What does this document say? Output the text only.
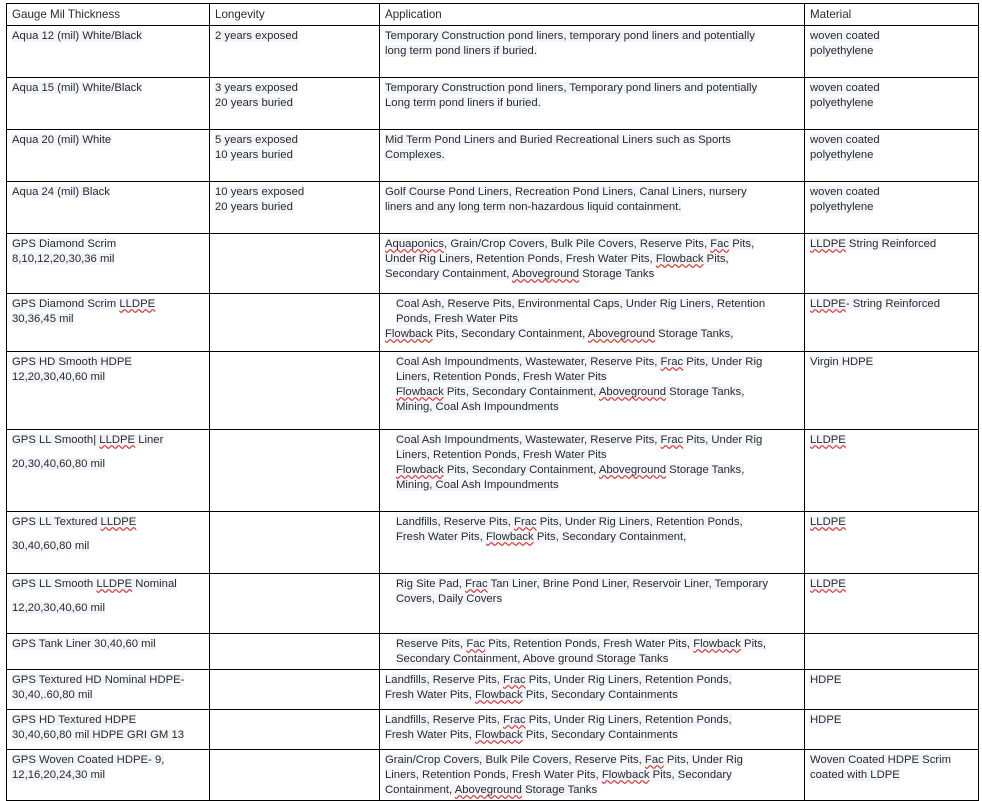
Gauge Mil Thickness	Longevity	Application	Material

Aqua 12 (mil) White/Black	2 years exposed	Temporary Construction pond liners, temporary pond liners and potentially
long term pond liners if buried.	woven coated
polyethylene

Aqua 15 (mil) White/Black	3 years exposed
20 years buried	Temporary Construction pond liners, Temporary pond liners and potentially
Long term pond liners if buried.	woven coated
polyethylene

Aqua 20 (mil) White	5 years exposed
10 years buried	Mid Term Pond Liners and Buried Recreational Liners such as Sports
Complexes.	woven coated
polyethylene

Aqua 24 (mil) Black	10 years exposed
20 years buried	Golf Course Pond Liners, Recreation Pond Liners, Canal Liners, nursery
liners and any long term non-hazardous liquid containment.	woven coated
polyethylene

GPS Diamond Scrim
8,10,12,20,30,36 mil		Aquaponics, Grain/Crop Covers, Bulk Pile Covers, Reserve Pits, Fac Pits,
Under Rig Liners, Retention Ponds, Fresh Water Pits, Flowback Pits,
Secondary Containment, Aboveground Storage Tanks	LLDPE String Reinforced

GPS Diamond Scrim LLDPE
30,36,45 mil		Coal Ash, Reserve Pits, Environmental Caps, Under Rig Liners, Retention
Ponds, Fresh Water Pits
Flowback Pits, Secondary Containment, Aboveground Storage Tanks,	LLDPE- String Reinforced

GPS HD Smooth HDPE
12,20,30,40,60 mil		Coal Ash Impoundments, Wastewater, Reserve Pits, Frac Pits, Under Rig
Liners, Retention Ponds, Fresh Water Pits
Flowback Pits, Secondary Containment, Aboveground Storage Tanks,
Mining, Coal Ash Impoundments	Virgin HDPE

GPS LL Smooth| LLDPE Liner
20,30,40,60,80 mil		Coal Ash Impoundments, Wastewater, Reserve Pits, Frac Pits, Under Rig
Liners, Retention Ponds, Fresh Water Pits
Flowback Pits, Secondary Containment, Aboveground Storage Tanks,
Mining, Coal Ash Impoundments	LLDPE

GPS LL Textured LLDPE
30,40,60,80 mil		Landfills, Reserve Pits, Frac Pits, Under Rig Liners, Retention Ponds,
Fresh Water Pits, Flowback Pits, Secondary Containment,	LLDPE

GPS LL Smooth LLDPE Nominal
12,20,30,40,60 mil		Rig Site Pad, Frac Tan Liner, Brine Pond Liner, Reservoir Liner, Temporary
Covers, Daily Covers	LLDPE

GPS Tank Liner 30,40,60 mil		Reserve Pits, Fac Pits, Retention Ponds, Fresh Water Pits, Flowback Pits,
Secondary Containment, Above ground Storage Tanks	

GPS Textured HD Nominal HDPE-
30,40,.60,80 mil		Landfills, Reserve Pits, Frac Pits, Under Rig Liners, Retention Ponds,
Fresh Water Pits, Flowback Pits, Secondary Containments	HDPE

GPS HD Textured HDPE
30,40,60,80 mil HDPE GRI GM 13		Landfills, Reserve Pits, Frac Pits, Under Rig Liners, Retention Ponds,
Fresh Water Pits, Flowback Pits, Secondary Containments	HDPE

GPS Woven Coated HDPE- 9,
12,16,20,24,30 mil		Grain/Crop Covers, Bulk Pile Covers, Reserve Pits, Fac Pits, Under Rig
Liners, Retention Ponds, Fresh Water Pits, Flowback Pits, Secondary
Containment, Aboveground Storage Tanks	Woven Coated HDPE Scrim
coated with LDPE
